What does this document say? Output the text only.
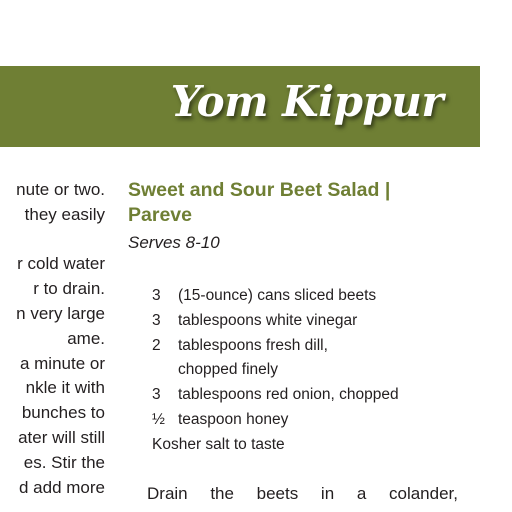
Yom Kippur
nute or two.
they easily
r cold water
r to drain.
n very large
ame.
a minute or
nkle it with
bunches to
ater will still
es. Stir the
d add more
Sweet and Sour Beet Salad |
Pareve
Serves 8-10
3	(15-ounce) cans sliced beets
3	tablespoons white vinegar
2	tablespoons fresh dill,
chopped finely
3	tablespoons red onion, chopped
½ teaspoon honey
Kosher salt to taste
Drain the beets in a colander,
